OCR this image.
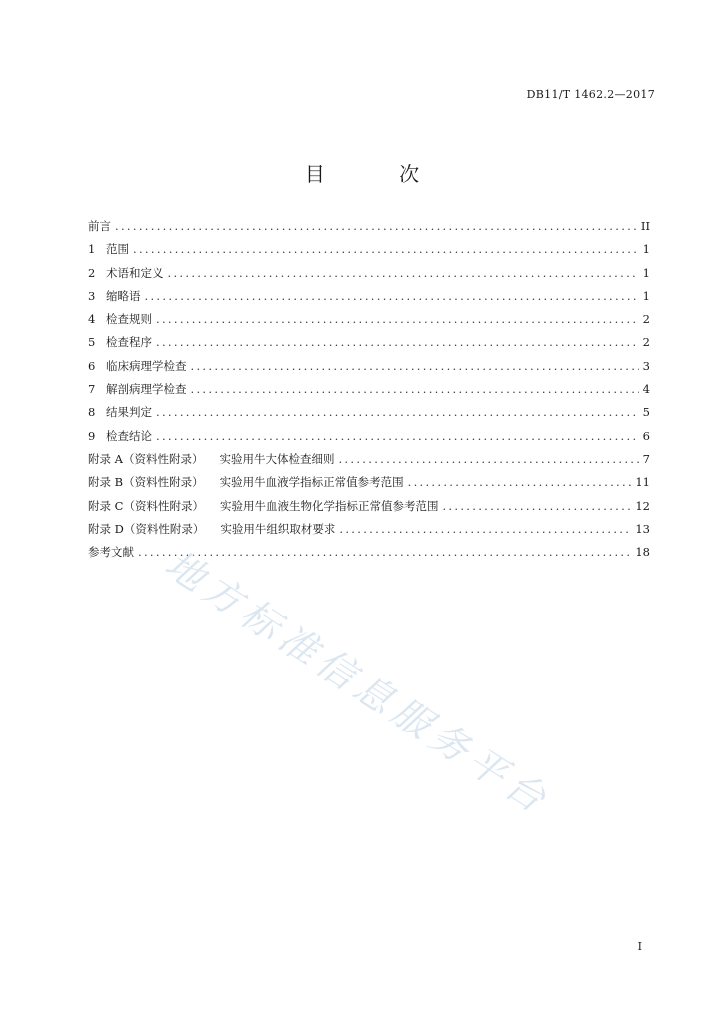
DB11/T 1462.2—2017
目 次
前言 .....	II
1 范围 .....	1
2 术语和定义 .....	1
3 缩略语 .....	1
4 检查规则 .....	2
5 检查程序 .....	2
6 临床病理学检查 .....	3
7 解剖病理学检查 .....	4
8 结果判定 .....	5
9 检查结论 .....	6
附录 A（资料性附录）	实验用牛大体检查细则 .....	7
附录 B（资料性附录）	实验用牛血液学指标正常值参考范围 .....	11
附录 C（资料性附录）	实验用牛血液生物化学指标正常值参考范围 .....	12
附录 D（资料性附录）	实验用牛组织取材要求 .....	13
参考文献 .....	18
地方标准信息服务平台
I
